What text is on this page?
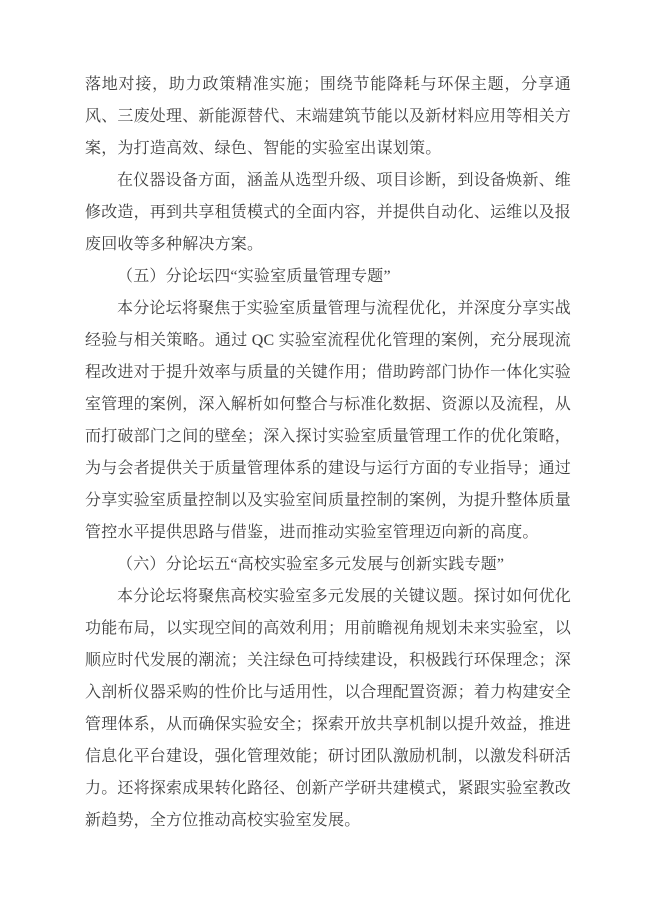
落地对接，助力政策精准实施；围绕节能降耗与环保主题，分享通风、三废处理、新能源替代、末端建筑节能以及新材料应用等相关方案，为打造高效、绿色、智能的实验室出谋划策。

在仪器设备方面，涵盖从选型升级、项目诊断，到设备焕新、维修改造，再到共享租赁模式的全面内容，并提供自动化、运维以及报废回收等多种解决方案。

（五）分论坛四“实验室质量管理专题”

本分论坛将聚焦于实验室质量管理与流程优化，并深度分享实战经验与相关策略。通过 QC 实验室流程优化管理的案例，充分展现流程改进对于提升效率与质量的关键作用；借助跨部门协作一体化实验室管理的案例，深入解析如何整合与标准化数据、资源以及流程，从而打破部门之间的壁垒；深入探讨实验室质量管理工作的优化策略，为与会者提供关于质量管理体系的建设与运行方面的专业指导；通过分享实验室质量控制以及实验室间质量控制的案例，为提升整体质量管控水平提供思路与借鉴，进而推动实验室管理迈向新的高度。

（六）分论坛五“高校实验室多元发展与创新实践专题”

本分论坛将聚焦高校实验室多元发展的关键议题。探讨如何优化功能布局，以实现空间的高效利用；用前瞻视角规划未来实验室，以顺应时代发展的潮流；关注绿色可持续建设，积极践行环保理念；深入剖析仪器采购的性价比与适用性，以合理配置资源；着力构建安全管理体系，从而确保实验安全；探索开放共享机制以提升效益，推进信息化平台建设，强化管理效能；研讨团队激励机制，以激发科研活力。还将探索成果转化路径、创新产学研共建模式，紧跟实验室教改新趋势，全方位推动高校实验室发展。
